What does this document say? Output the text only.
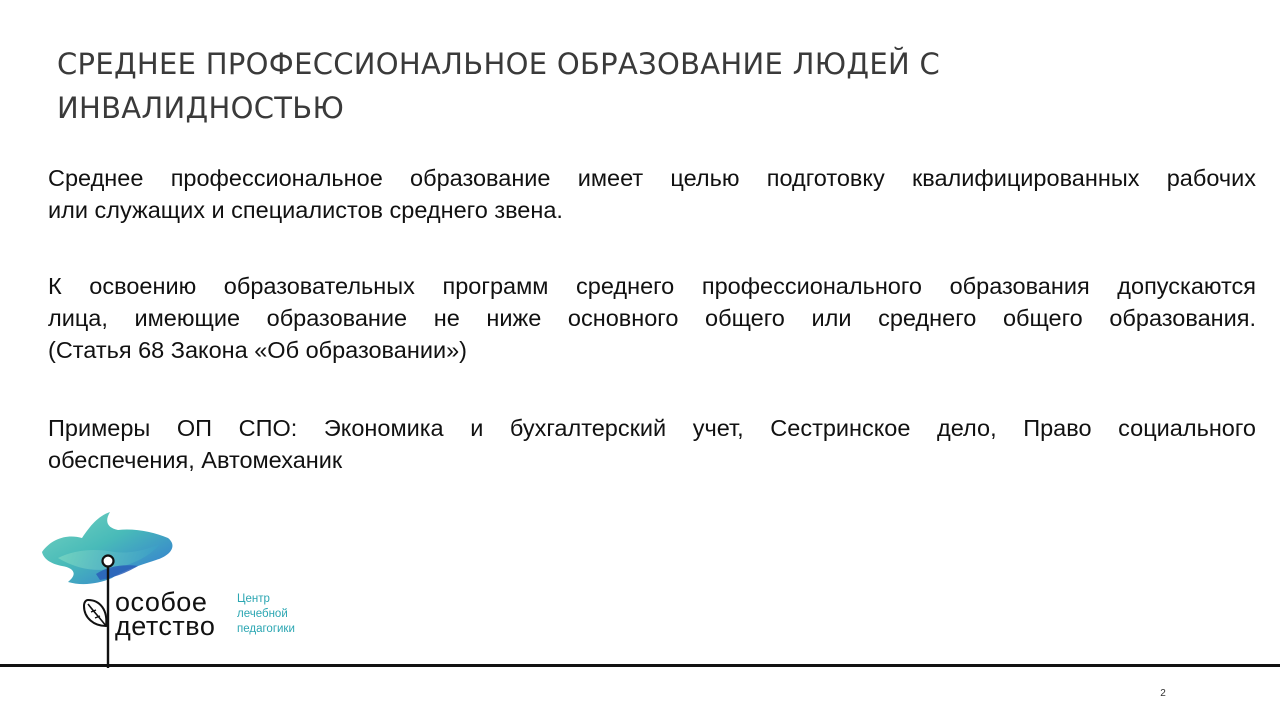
СРЕДНЕЕ ПРОФЕССИОНАЛЬНОЕ ОБРАЗОВАНИЕ ЛЮДЕЙ С
ИНВАЛИДНОСТЬЮ
Среднее профессиональное образование имеет целью подготовку квалифицированных рабочих
или служащих и специалистов среднего звена.
К освоению образовательных программ среднего профессионального образования допускаются
лица, имеющие образование не ниже основного общего или среднего общего образования.
(Статья 68 Закона «Об образовании»)
Примеры ОП СПО: Экономика и бухгалтерский учет, Сестринское дело, Право социального
обеспечения, Автомеханик
особое
детство
Центр
лечебной
педагогики
2
